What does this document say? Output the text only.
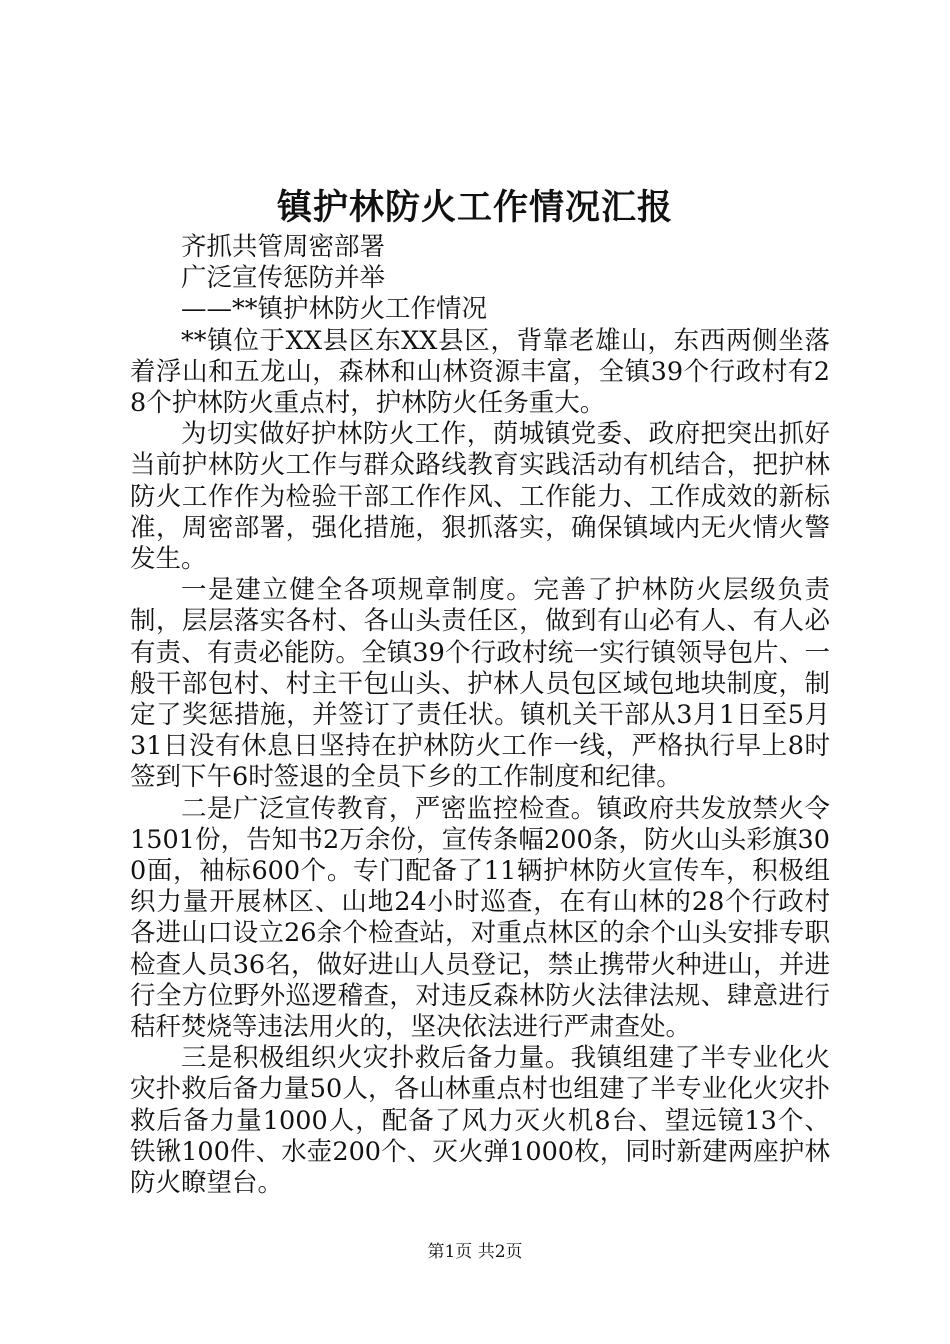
镇护林防火工作情况汇报

齐抓共管周密部署

广泛宣传惩防并举

——**镇护林防火工作情况

**镇位于XX县区东XX县区，背靠老雄山，东西两侧坐落着浮山和五龙山，森林和山林资源丰富，全镇39个行政村有28个护林防火重点村，护林防火任务重大。

为切实做好护林防火工作，荫城镇党委、政府把突出抓好当前护林防火工作与群众路线教育实践活动有机结合，把护林防火工作作为检验干部工作作风、工作能力、工作成效的新标准，周密部署，强化措施，狠抓落实，确保镇域内无火情火警发生。

一是建立健全各项规章制度。完善了护林防火层级负责制，层层落实各村、各山头责任区，做到有山必有人、有人必有责、有责必能防。全镇39个行政村统一实行镇领导包片、一般干部包村、村主干包山头、护林人员包区域包地块制度，制定了奖惩措施，并签订了责任状。镇机关干部从3月1日至5月31日没有休息日坚持在护林防火工作一线，严格执行早上8时签到下午6时签退的全员下乡的工作制度和纪律。

二是广泛宣传教育，严密监控检查。镇政府共发放禁火令1501份，告知书2万余份，宣传条幅200条，防火山头彩旗300面，袖标600个。专门配备了11辆护林防火宣传车，积极组织力量开展林区、山地24小时巡查，在有山林的28个行政村各进山口设立26余个检查站，对重点林区的余个山头安排专职检查人员36名，做好进山人员登记，禁止携带火种进山，并进行全方位野外巡逻稽查，对违反森林防火法律法规、肆意进行秸秆焚烧等违法用火的，坚决依法进行严肃查处。

三是积极组织火灾扑救后备力量。我镇组建了半专业化火灾扑救后备力量50人，各山林重点村也组建了半专业化火灾扑救后备力量1000人，配备了风力灭火机8台、望远镜13个、铁锹100件、水壶200个、灭火弹1000枚，同时新建两座护林防火瞭望台。

第1页 共2页
